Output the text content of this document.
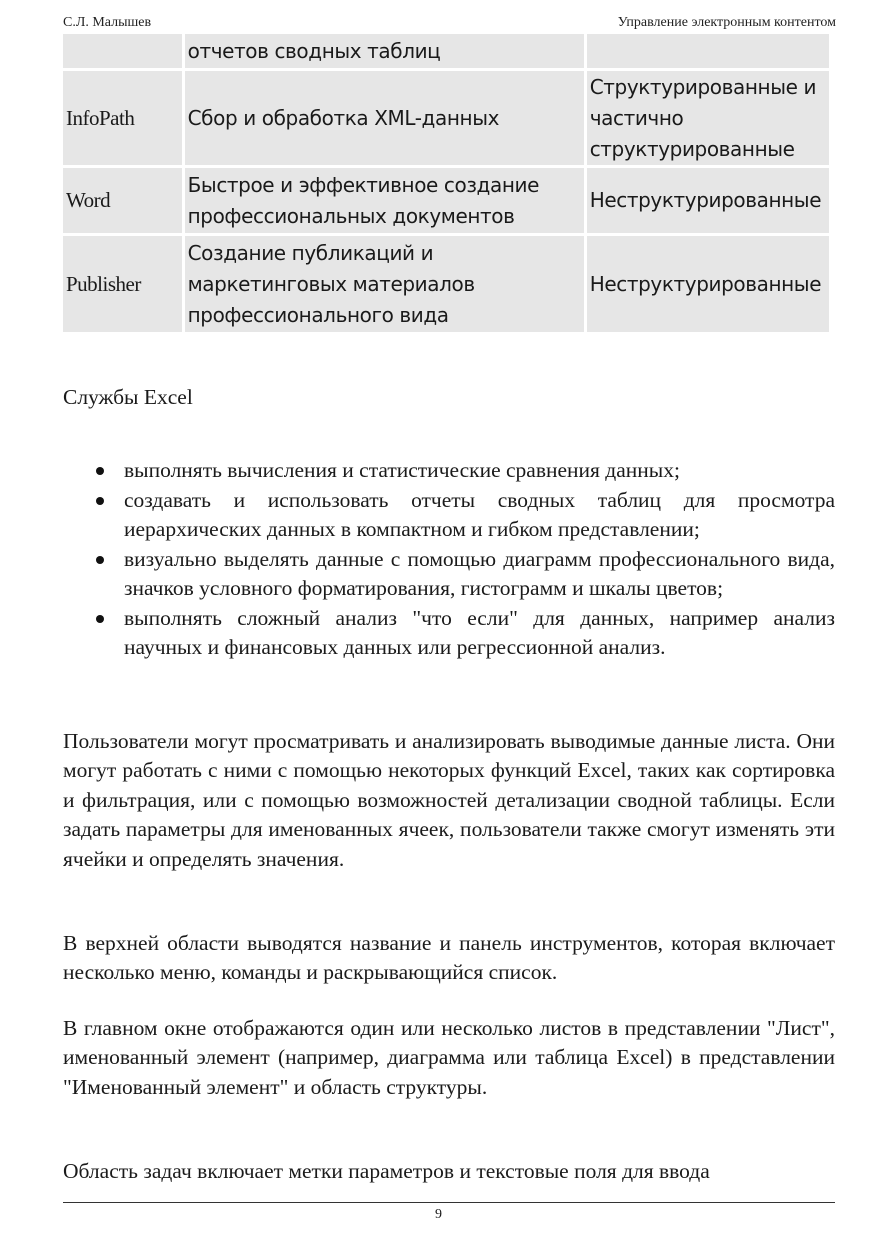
С.Л. Малышев	Управление электронным контентом
	отчетов сводных таблиц	
InfoPath	Сбор и обработка XML-данных	Структурированные и частично структурированные
Word	Быстрое и эффективное создание профессиональных документов	Неструктурированные
Publisher	Создание публикаций и маркетинговых материалов профессионального вида	Неструктурированные
Службы Excel
выполнять вычисления и статистические сравнения данных;
создавать и использовать отчеты сводных таблиц для просмотра иерархических данных в компактном и гибком представлении;
визуально выделять данные с помощью диаграмм профессионального вида, значков условного форматирования, гистограмм и шкалы цветов;
выполнять сложный анализ "что если" для данных, например анализ научных и финансовых данных или регрессионной анализ.

Пользователи могут просматривать и анализировать выводимые данные листа. Они могут работать с ними с помощью некоторых функций Excel, таких как сортировка и фильтрация, или с помощью возможностей детализации сводной таблицы. Если задать параметры для именованных ячеек, пользователи также смогут изменять эти ячейки и определять значения.

В верхней области выводятся название и панель инструментов, которая включает несколько меню, команды и раскрывающийся список.

В главном окне отображаются один или несколько листов в представлении "Лист", именованный элемент (например, диаграмма или таблица Excel) в представлении "Именованный элемент" и область структуры.

Область задач включает метки параметров и текстовые поля для ввода

9
